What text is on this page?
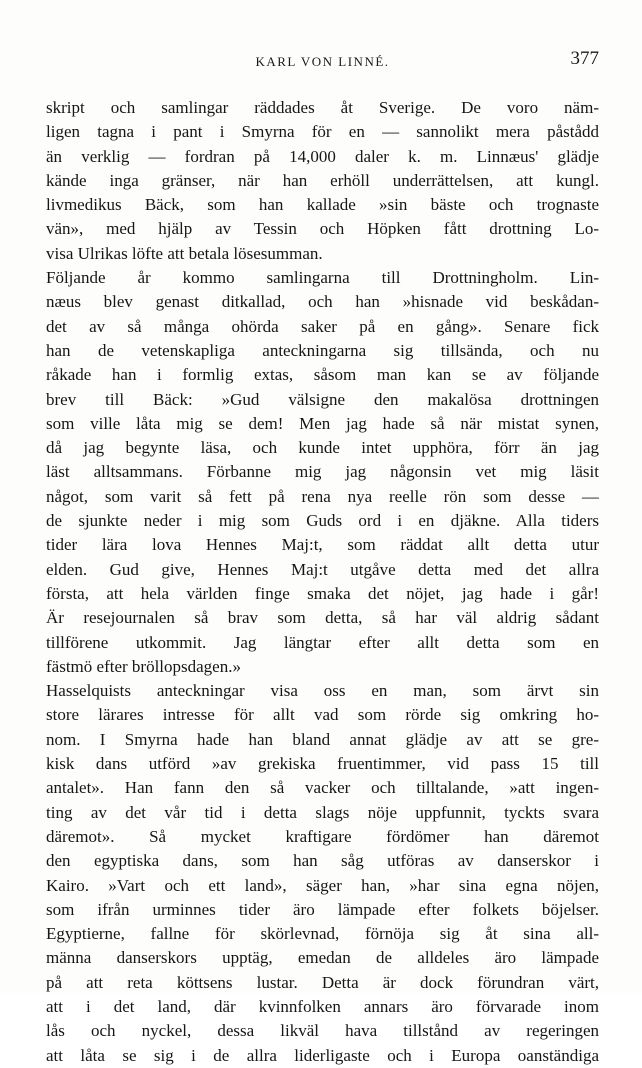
KARL VON LINNÉ.	377
skript och samlingar räddades åt Sverige. De voro näm-
ligen tagna i pant i Smyrna för en — sannolikt mera påstådd
än verklig — fordran på 14,000 daler k. m. Linnæus' glädje
kände inga gränser, när han erhöll underrättelsen, att kungl.
livmedikus Bäck, som han kallade »sin bäste och trognaste
vän», med hjälp av Tessin och Höpken fått drottning Lo-
visa Ulrikas löfte att betala lösesumman.
Följande år kommo samlingarna till Drottningholm. Lin-
næus blev genast ditkallad, och han »hisnade vid beskådan-
det av så många ohörda saker på en gång». Senare fick
han de vetenskapliga anteckningarna sig tillsända, och nu
råkade han i formlig extas, såsom man kan se av följande
brev till Bäck: »Gud välsigne den makalösa drottningen
som ville låta mig se dem! Men jag hade så när mistat synen,
då jag begynte läsa, och kunde intet upphöra, förr än jag
läst alltsammans. Förbanne mig jag någonsin vet mig läsit
något, som varit så fett på rena nya reelle rön som desse —
de sjunkte neder i mig som Guds ord i en djäkne. Alla tiders
tider lära lova Hennes Maj:t, som räddat allt detta utur
elden. Gud give, Hennes Maj:t utgåve detta med det allra
första, att hela världen finge smaka det nöjet, jag hade i går!
Är resejournalen så brav som detta, så har väl aldrig sådant
tillförene utkommit. Jag längtar efter allt detta som en
fästmö efter bröllopsdagen.»
Hasselquists anteckningar visa oss en man, som ärvt sin
store lärares intresse för allt vad som rörde sig omkring ho-
nom. I Smyrna hade han bland annat glädje av att se gre-
kisk dans utförd »av grekiska fruentimmer, vid pass 15 till
antalet». Han fann den så vacker och tilltalande, »att ingen-
ting av det vår tid i detta slags nöje uppfunnit, tyckts svara
däremot». Så mycket kraftigare fördömer han däremot
den egyptiska dans, som han såg utföras av danserskor i
Kairo. »Vart och ett land», säger han, »har sina egna nöjen,
som ifrån urminnes tider äro lämpade efter folkets böjelser.
Egyptierne, fallne för skörlevnad, förnöja sig åt sina all-
männa danserskors upptäg, emedan de alldeles äro lämpade
på att reta köttsens lustar. Detta är dock förundran värt,
att i det land, där kvinnfolken annars äro förvarade inom
lås och nyckel, dessa likväl hava tillstånd av regeringen
att låta se sig i de allra liderligaste och i Europa oanständiga
